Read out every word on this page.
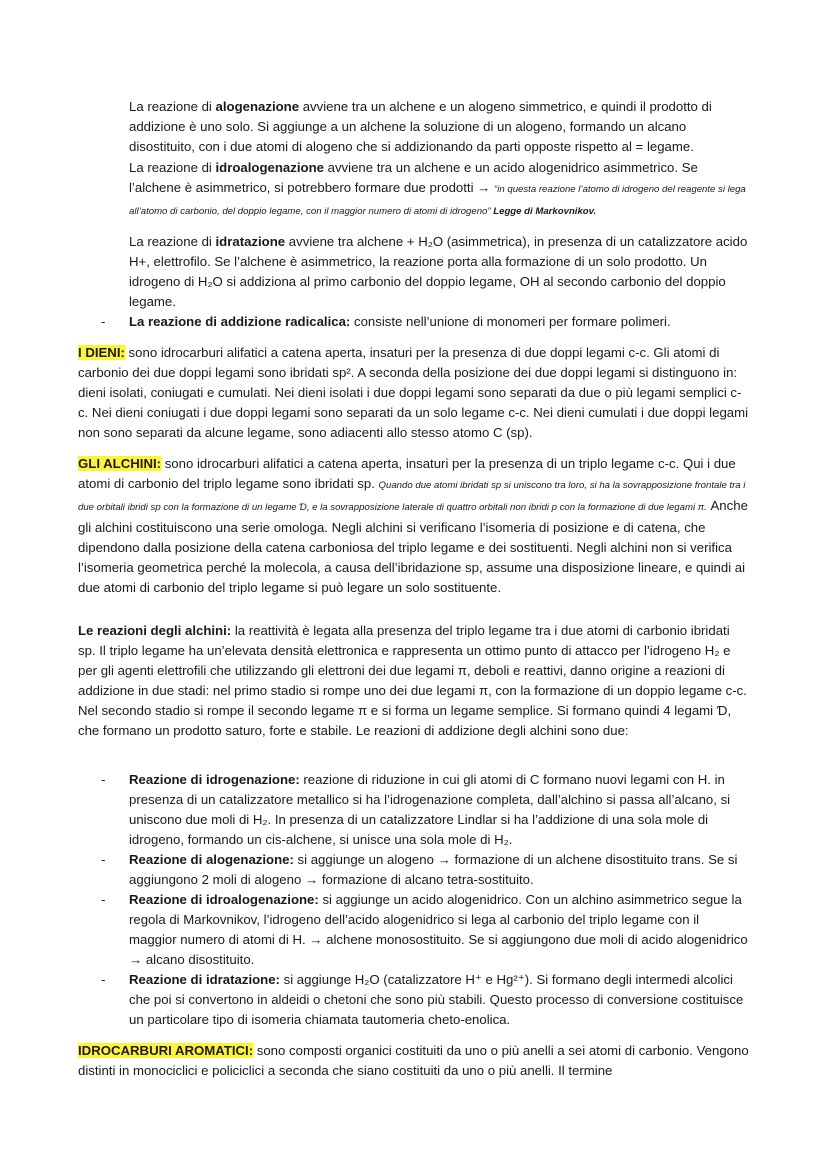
La reazione di alogenazione avviene tra un alchene e un alogeno simmetrico, e quindi il prodotto di addizione è uno solo. Si aggiunge a un alchene la soluzione di un alogeno, formando un alcano disostituito, con i due atomi di alogeno che si addizionando da parti opposte rispetto al = legame.

La reazione di idroalogenazione avviene tra un alchene e un acido alogenidrico asimmetrico. Se l’alchene è asimmetrico, si potrebbero formare due prodotti → “in questa reazione l’atomo di idrogeno del reagente si lega all’atomo di carbonio, del doppio legame, con il maggior numero di atomi di idrogeno” Legge di Markovnikov.

La reazione di idratazione avviene tra alchene + H₂O (asimmetrica), in presenza di un catalizzatore acido H+, elettrofilo. Se l’alchene è asimmetrico, la reazione porta alla formazione di un solo prodotto. Un idrogeno di H₂O si addiziona al primo carbonio del doppio legame, OH al secondo carbonio del doppio legame.

- La reazione di addizione radicalica: consiste nell’unione di monomeri per formare polimeri.

I DIENI: sono idrocarburi alifatici a catena aperta, insaturi per la presenza di due doppi legami c-c. Gli atomi di carbonio dei due doppi legami sono ibridati sp². A seconda della posizione dei due doppi legami si distinguono in: dieni isolati, coniugati e cumulati. Nei dieni isolati i due doppi legami sono separati da due o più legami semplici c-c. Nei dieni coniugati i due doppi legami sono separati da un solo legame c-c. Nei dieni cumulati i due doppi legami non sono separati da alcune legame, sono adiacenti allo stesso atomo C (sp).

GLI ALCHINI: sono idrocarburi alifatici a catena aperta, insaturi per la presenza di un triplo legame c-c. Qui i due atomi di carbonio del triplo legame sono ibridati sp. Quando due atomi ibridati sp si uniscono tra loro, si ha la sovrapposizione frontale tra i due orbitali ibridi sp con la formazione di un legame Ɗ, e la sovrapposizione laterale di quattro orbitali non ibridi p con la formazione di due legami π. Anche gli alchini costituiscono una serie omologa. Negli alchini si verificano l’isomeria di posizione e di catena, che dipendono dalla posizione della catena carboniosa del triplo legame e dei sostituenti. Negli alchini non si verifica l’isomeria geometrica perché la molecola, a causa dell’ibridazione sp, assume una disposizione lineare, e quindi ai due atomi di carbonio del triplo legame si può legare un solo sostituente.

Le reazioni degli alchini: la reattività è legata alla presenza del triplo legame tra i due atomi di carbonio ibridati sp. Il triplo legame ha un’elevata densità elettronica e rappresenta un ottimo punto di attacco per l’idrogeno H₂ e per gli agenti elettrofili che utilizzando gli elettroni dei due legami π, deboli e reattivi, danno origine a reazioni di addizione in due stadi: nel primo stadio si rompe uno dei due legami π, con la formazione di un doppio legame c-c. Nel secondo stadio si rompe il secondo legame π e si forma un legame semplice. Si formano quindi 4 legami Ɗ, che formano un prodotto saturo, forte e stabile. Le reazioni di addizione degli alchini sono due:

- Reazione di idrogenazione: reazione di riduzione in cui gli atomi di C formano nuovi legami con H. in presenza di un catalizzatore metallico si ha l’idrogenazione completa, dall’alchino si passa all’alcano, si uniscono due moli di H₂. In presenza di un catalizzatore Lindlar si ha l’addizione di una sola mole di idrogeno, formando un cis-alchene, si unisce una sola mole di H₂.

- Reazione di alogenazione: si aggiunge un alogeno → formazione di un alchene disostituito trans. Se si aggiungono 2 moli di alogeno → formazione di alcano tetra-sostituito.

- Reazione di idroalogenazione: si aggiunge un acido alogenidrico. Con un alchino asimmetrico segue la regola di Markovnikov, l’idrogeno dell’acido alogenidrico si lega al carbonio del triplo legame con il maggior numero di atomi di H. → alchene monosostituito. Se si aggiungono due moli di acido alogenidrico → alcano disostituito.

- Reazione di idratazione: si aggiunge H₂O (catalizzatore H⁺ e Hg²⁺). Si formano degli intermedi alcolici che poi si convertono in aldeidi o chetoni che sono più stabili. Questo processo di conversione costituisce un particolare tipo di isomeria chiamata tautomeria cheto-enolica.

IDROCARBURI AROMATICI: sono composti organici costituiti da uno o più anelli a sei atomi di carbonio. Vengono distinti in monociclici e policiclici a seconda che siano costituiti da uno o più anelli. Il termine
